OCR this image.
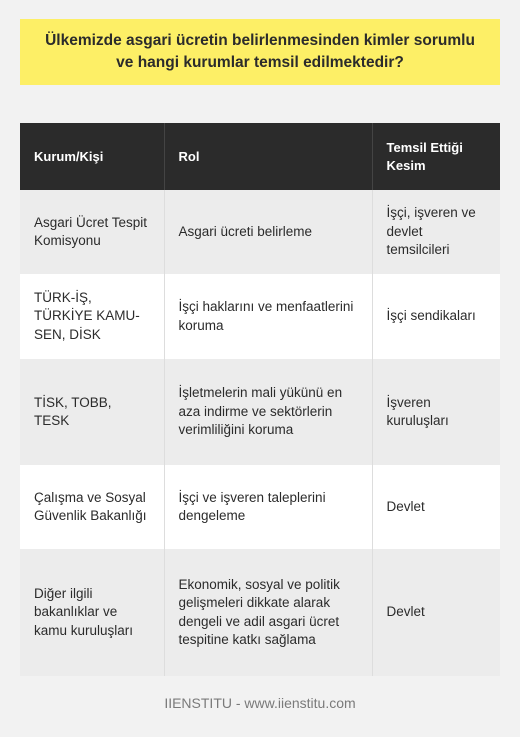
Ülkemizde asgari ücretin belirlenmesinden kimler sorumlu ve hangi kurumlar temsil edilmektedir?
Kurum/Kişi	Rol	Temsil Ettiği Kesim
Asgari Ücret Tespit Komisyonu	Asgari ücreti belirleme	İşçi, işveren ve devlet temsilcileri
TÜRK-İŞ, TÜRKİYE KAMU-SEN, DİSK	İşçi haklarını ve menfaatlerini koruma	İşçi sendikaları
TİSK, TOBB, TESK	İşletmelerin mali yükünü en aza indirme ve sektörlerin verimliliğini koruma	İşveren kuruluşları
Çalışma ve Sosyal Güvenlik Bakanlığı	İşçi ve işveren taleplerini dengeleme	Devlet
Diğer ilgili bakanlıklar ve kamu kuruluşları	Ekonomik, sosyal ve politik gelişmeleri dikkate alarak dengeli ve adil asgari ücret tespitine katkı sağlama	Devlet
IIENSTITU - www.iienstitu.com
